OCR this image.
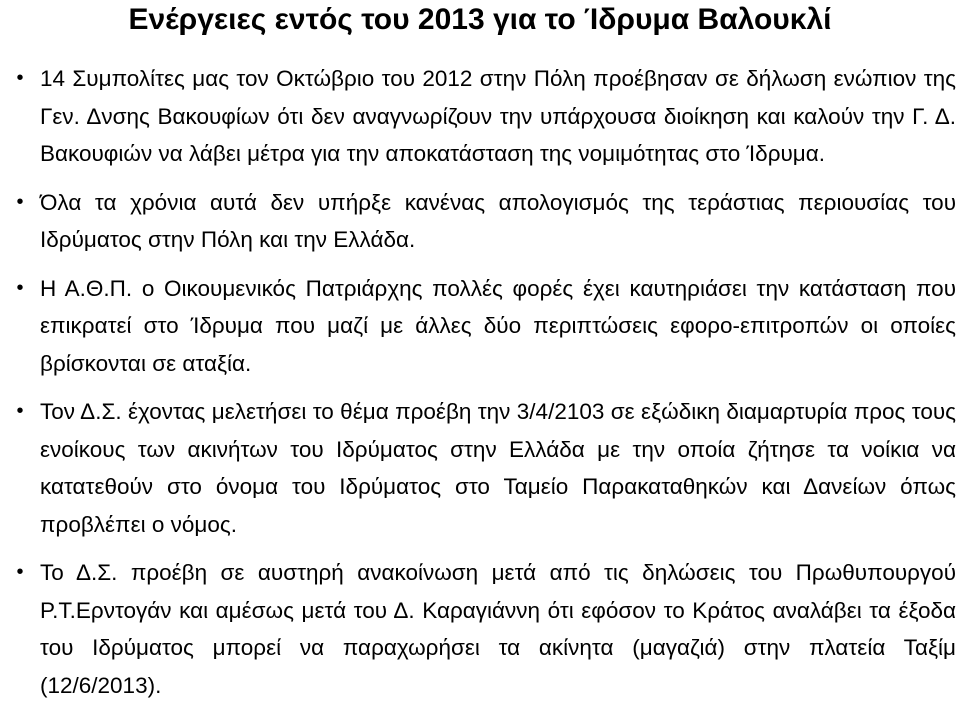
Ενέργειες εντός του 2013 για το Ίδρυμα Βαλουκλί
• 14 Συμπολίτες μας τον Οκτώβριο του 2012 στην Πόλη προέβησαν σε δήλωση ενώπιον της Γεν. Δνσης Βακουφίων ότι δεν αναγνωρίζουν την υπάρχουσα διοίκηση και καλούν την Γ. Δ. Βακουφιών να λάβει μέτρα για την αποκατάσταση της νομιμότητας στο Ίδρυμα.

• Όλα τα χρόνια αυτά δεν υπήρξε κανένας απολογισμός της τεράστιας περιουσίας του Ιδρύματος στην Πόλη και την Ελλάδα.

• Η Α.Θ.Π. ο Οικουμενικός Πατριάρχης πολλές φορές έχει καυτηριάσει την κατάσταση που επικρατεί στο Ίδρυμα που μαζί με άλλες δύο περιπτώσεις εφορο-επιτροπών οι οποίες βρίσκονται σε αταξία.

• Τον Δ.Σ. έχοντας μελετήσει το θέμα προέβη την 3/4/2103 σε εξώδικη διαμαρτυρία προς τους ενοίκους των ακινήτων του Ιδρύματος στην Ελλάδα με την οποία ζήτησε τα νοίκια να κατατεθούν στο όνομα του Ιδρύματος στο Ταμείο Παρακαταθηκών και Δανείων όπως προβλέπει ο νόμος.

• Το Δ.Σ. προέβη σε αυστηρή ανακοίνωση μετά από τις δηλώσεις του Πρωθυπουργού Ρ.Τ.Ερντογάν και αμέσως μετά του Δ. Καραγιάννη ότι εφόσον το Κράτος αναλάβει τα έξοδα του Ιδρύματος μπορεί να παραχωρήσει τα ακίνητα (μαγαζιά) στην πλατεία Ταξίμ (12/6/2013).
